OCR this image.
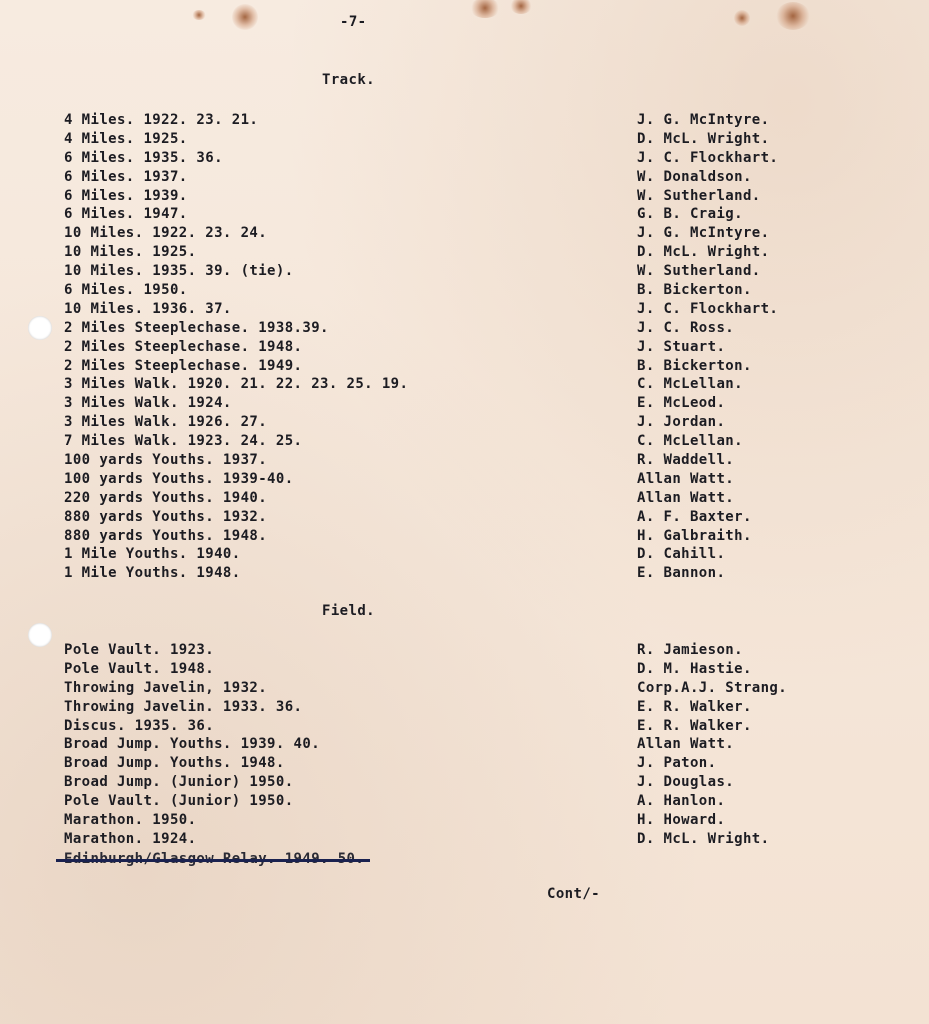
-7-
Track.
4 Miles. 1922. 23. 21.
4 Miles. 1925.
6 Miles. 1935. 36.
6 Miles. 1937.
6 Miles. 1939.
6 Miles. 1947.
10 Miles. 1922. 23. 24.
10 Miles. 1925.
10 Miles. 1935. 39. (tie).
6 Miles. 1950.
10 Miles. 1936. 37.
2 Miles Steeplechase. 1938.39.
2 Miles Steeplechase. 1948.
2 Miles Steeplechase. 1949.
3 Miles Walk. 1920. 21. 22. 23. 25. 19.
3 Miles Walk. 1924.
3 Miles Walk. 1926. 27.
7 Miles Walk. 1923. 24. 25.
100 yards Youths. 1937.
100 yards Youths. 1939-40.
220 yards Youths. 1940.
880 yards Youths. 1932.
880 yards Youths. 1948.
1 Mile Youths. 1940.
1 Mile Youths. 1948.
J. G. McIntyre.
D. McL. Wright.
J. C. Flockhart.
W. Donaldson.
W. Sutherland.
G. B. Craig.
J. G. McIntyre.
D. McL. Wright.
W. Sutherland.
B. Bickerton.
J. C. Flockhart.
J. C. Ross.
J. Stuart.
B. Bickerton.
C. McLellan.
E. McLeod.
J. Jordan.
C. McLellan.
R. Waddell.
Allan Watt.
Allan Watt.
A. F. Baxter.
H. Galbraith.
D. Cahill.
E. Bannon.
Field.
Pole Vault. 1923.
Pole Vault. 1948.
Throwing Javelin, 1932.
Throwing Javelin. 1933. 36.
Discus. 1935. 36.
Broad Jump. Youths. 1939. 40.
Broad Jump. Youths. 1948.
Broad Jump. (Junior) 1950.
Pole Vault. (Junior) 1950.
Marathon. 1950.
Marathon. 1924.
Edinburgh/Glasgow Relay. 1949. 50.
R. Jamieson.
D. M. Hastie.
Corp.A.J. Strang.
E. R. Walker.
E. R. Walker.
Allan Watt.
J. Paton.
J. Douglas.
A. Hanlon.
H. Howard.
D. McL. Wright.
Cont/-
